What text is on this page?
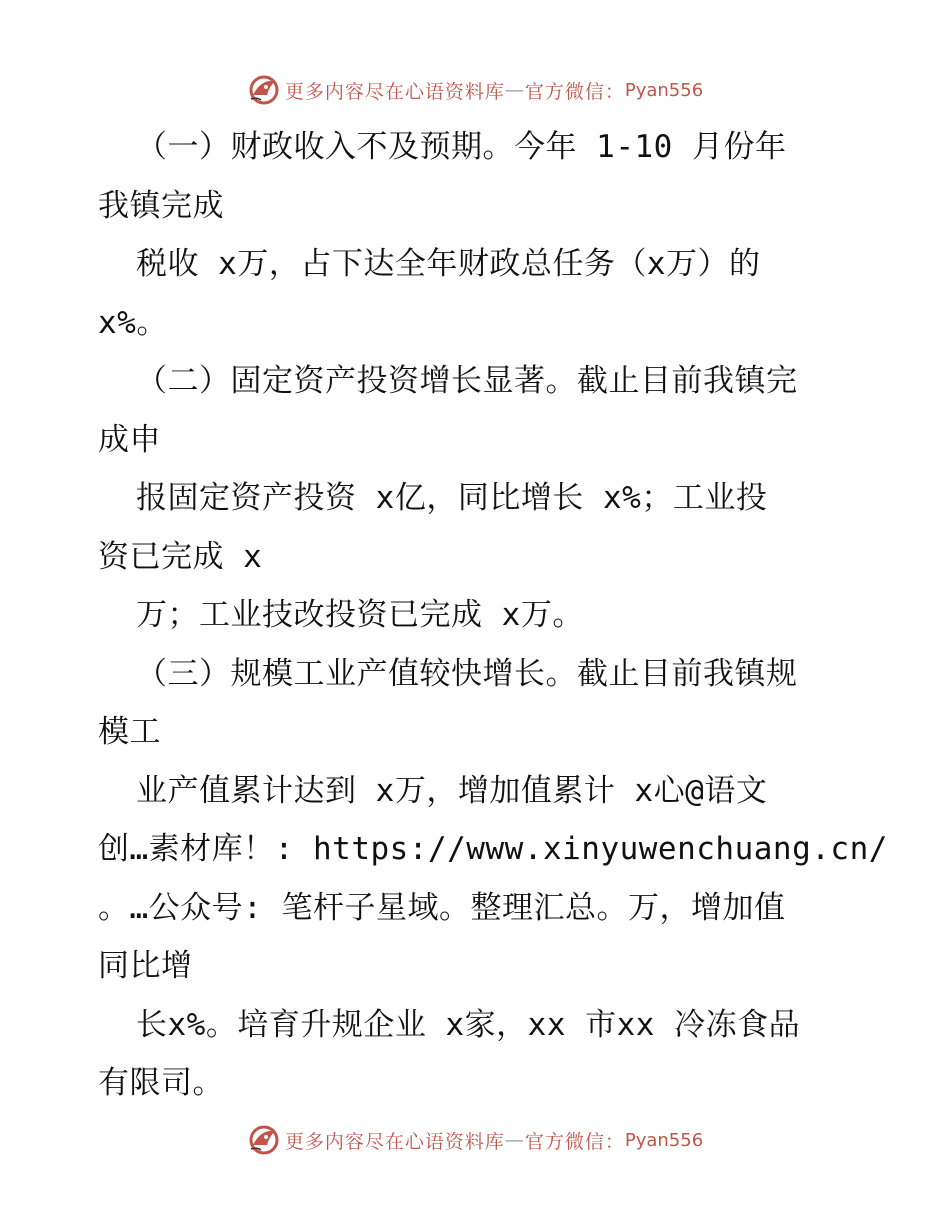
更多内容尽在心语资料库 — 官方微信： Pyan556
（一）财政收入不及预期。今年 1-10 月份年
我镇完成
税收 x万，占下达全年财政总任务（x万）的
x%。
（二）固定资产投资增长显著。截止目前我镇完
成申
报固定资产投资 x亿，同比增长 x%；工业投
资已完成 x
万；工业技改投资已完成 x万。
（三）规模工业产值较快增长。截止目前我镇规
模工
业产值累计达到 x万，增加值累计 x心@语文
创…素材库！: https://www.xinyuwenchuang.cn/
。…公众号: 笔杆子星域。整理汇总。万，增加值
同比增
长x%。培育升规企业 x家，xx 市xx 冷冻食品
有限司。
更多内容尽在心语资料库 — 官方微信： Pyan556
